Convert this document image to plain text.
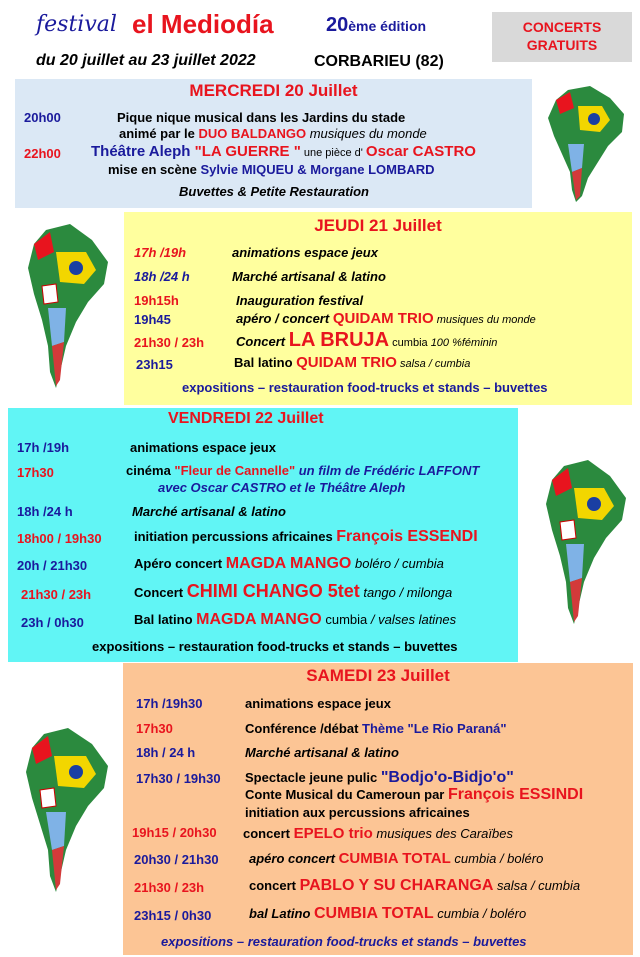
festival el Mediodía	20ème édition	CONCERTS
GRATUITS
du 20 juillet au 23 juillet 2022	CORBARIEU (82)
MERCREDI 20 Juillet
20h00	Pique nique musical dans les Jardins du stade
animé par le DUO BALDANGO musiques du monde
22h00 Théâtre Aleph "LA GUERRE " une pièce d' Oscar CASTRO
mise en scène Sylvie MIQUEU & Morgane LOMBARD
Buvettes & Petite Restauration
JEUDI 21 Juillet
17h /19h	animations espace jeux
18h /24 h	Marché artisanal & latino
19h15h	Inauguration festival
19h45	apéro / concert QUIDAM TRIO musiques du monde
21h30 / 23h Concert LA BRUJA cumbia 100 %féminin
23h15	Bal latino QUIDAM TRIO salsa / cumbia
expositions – restauration food-trucks et stands – buvettes
VENDREDI 22 Juillet
17h /19h	animations espace jeux
17h30	cinéma "Fleur de Cannelle" un film de Frédéric LAFFONT
avec Oscar CASTRO et le Théâtre Aleph
18h /24 h	Marché artisanal & latino
18h00 / 19h30 initiation percussions africaines François ESSENDI
20h / 21h30	Apéro concert MAGDA MANGO boléro / cumbia
21h30 / 23h	Concert CHIMI CHANGO 5tet tango / milonga
23h / 0h30	Bal latino MAGDA MANGO cumbia / valses latines
expositions – restauration food-trucks et stands – buvettes
SAMEDI 23 Juillet
17h /19h30	animations espace jeux
17h30	Conférence /débat Thème "Le Rio Paraná"
18h / 24 h	Marché artisanal & latino
17h30 / 19h30 Spectacle jeune pulic "Bodjo'o-Bidjo'o"
Conte Musical du Cameroun par François ESSINDI
initiation aux percussions africaines
19h15 / 20h30 concert EPELO trio musiques des Caraïbes
20h30 / 21h30 apéro concert CUMBIA TOTAL cumbia / boléro
21h30 / 23h	concert PABLO Y SU CHARANGA salsa / cumbia
23h15 / 0h30	bal Latino CUMBIA TOTAL cumbia / boléro
expositions – restauration food-trucks et stands – buvettes
